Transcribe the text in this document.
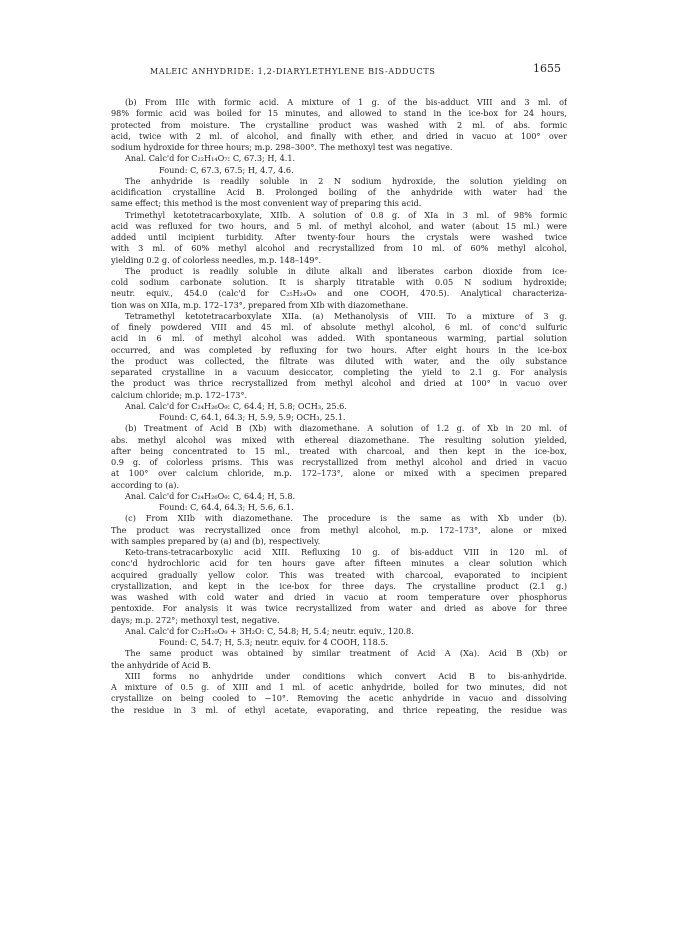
MALEIC ANHYDRIDE: 1,2-DIARYLETHYLENE BIS-ADDUCTS	1655
(b) From IIIc with formic acid. A mixture of 1 g. of the bis-adduct VIII and 3 ml. of
98% formic acid was boiled for 15 minutes, and allowed to stand in the ice-box for 24 hours,
protected from moisture. The crystalline product was washed with 2 ml. of abs. formic
acid, twice with 2 ml. of alcohol, and finally with ether, and dried in vacuo at 100° over
sodium hydroxide for three hours; m.p. 298–300°. The methoxyl test was negative.
Anal. Calc'd for C₂₂H₁₄O₇: C, 67.3; H, 4.1.
Found: C, 67.3, 67.5; H, 4.7, 4.6.
The anhydride is readily soluble in 2 N sodium hydroxide, the solution yielding on
acidification crystalline Acid B. Prolonged boiling of the anhydride with water had the
same effect; this method is the most convenient way of preparing this acid.
Trimethyl ketotetracarboxylate, XIIb. A solution of 0.8 g. of XIa in 3 ml. of 98% formic
acid was refluxed for two hours, and 5 ml. of methyl alcohol, and water (about 15 ml.) were
added until incipient turbidity. After twenty-four hours the crystals were washed twice
with 3 ml. of 60% methyl alcohol and recrystallized from 10 ml. of 60% methyl alcohol,
yielding 0.2 g. of colorless needles, m.p. 148–149°.
The product is readily soluble in dilute alkali and liberates carbon dioxide from ice-
cold sodium carbonate solution. It is sharply titratable with 0.05 N sodium hydroxide;
neutr. equiv., 454.0 (calc'd for C₂₅H₂₄O₉ and one COOH, 470.5). Analytical characteriza-
tion was on XIIa, m.p. 172–173°, prepared from XIb with diazomethane.
Tetramethyl ketotetracarboxylate XIIa. (a) Methanolysis of VIII. To a mixture of 3 g.
of finely powdered VIII and 45 ml. of absolute methyl alcohol, 6 ml. of conc'd sulfuric
acid in 6 ml. of methyl alcohol was added. With spontaneous warming, partial solution
occurred, and was completed by refluxing for two hours. After eight hours in the ice-box
the product was collected, the filtrate was diluted with water, and the oily substance
separated crystalline in a vacuum desiccator, completing the yield to 2.1 g. For analysis
the product was thrice recrystallized from methyl alcohol and dried at 100° in vacuo over
calcium chloride; m.p. 172–173°.
Anal. Calc'd for C₂₄H₂₆O₉: C, 64.4; H, 5.8; OCH₃, 25.6.
Found: C, 64.1, 64.3; H, 5.9, 5.9; OCH₃, 25.1.
(b) Treatment of Acid B (Xb) with diazomethane. A solution of 1.2 g. of Xb in 20 ml. of
abs. methyl alcohol was mixed with ethereal diazomethane. The resulting solution yielded,
after being concentrated to 15 ml., treated with charcoal, and then kept in the ice-box,
0.9 g. of colorless prisms. This was recrystallized from methyl alcohol and dried in vacuo
at 100° over calcium chloride, m.p. 172–173°, alone or mixed with a specimen prepared
according to (a).
Anal. Calc'd for C₂₄H₂₆O₉: C, 64.4; H, 5.8.
Found: C, 64.4, 64.3; H, 5.6, 6.1.
(c) From XIIb with diazomethane. The procedure is the same as with Xb under (b).
The product was recrystallized once from methyl alcohol, m.p. 172–173°, alone or mixed
with samples prepared by (a) and (b), respectively.
Keto-trans-tetracarboxylic acid XIII. Refluxing 10 g. of bis-adduct VIII in 120 ml. of
conc'd hydrochloric acid for ten hours gave after fifteen minutes a clear solution which
acquired gradually yellow color. This was treated with charcoal, evaporated to incipient
crystallization, and kept in the ice-box for three days. The crystalline product (2.1 g.)
was washed with cold water and dried in vacuo at room temperature over phosphorus
pentoxide. For analysis it was twice recrystallized from water and dried as above for three
days; m.p. 272°; methoxyl test, negative.
Anal. Calc'd for C₂₂H₂₀O₉ + 3H₂O: C, 54.8; H, 5.4; neutr. equiv., 120.8.
Found: C, 54.7; H, 5.3; neutr. equiv. for 4 COOH, 118.5.
The same product was obtained by similar treatment of Acid A (Xa). Acid B (Xb) or
the anhydride of Acid B.
XIII forms no anhydride under conditions which convert Acid B to bis-anhydride.
A mixture of 0.5 g. of XIII and 1 ml. of acetic anhydride, boiled for two minutes, did not
crystallize on being cooled to −10°. Removing the acetic anhydride in vacuo and dissolving
the residue in 3 ml. of ethyl acetate, evaporating, and thrice repeating, the residue was
